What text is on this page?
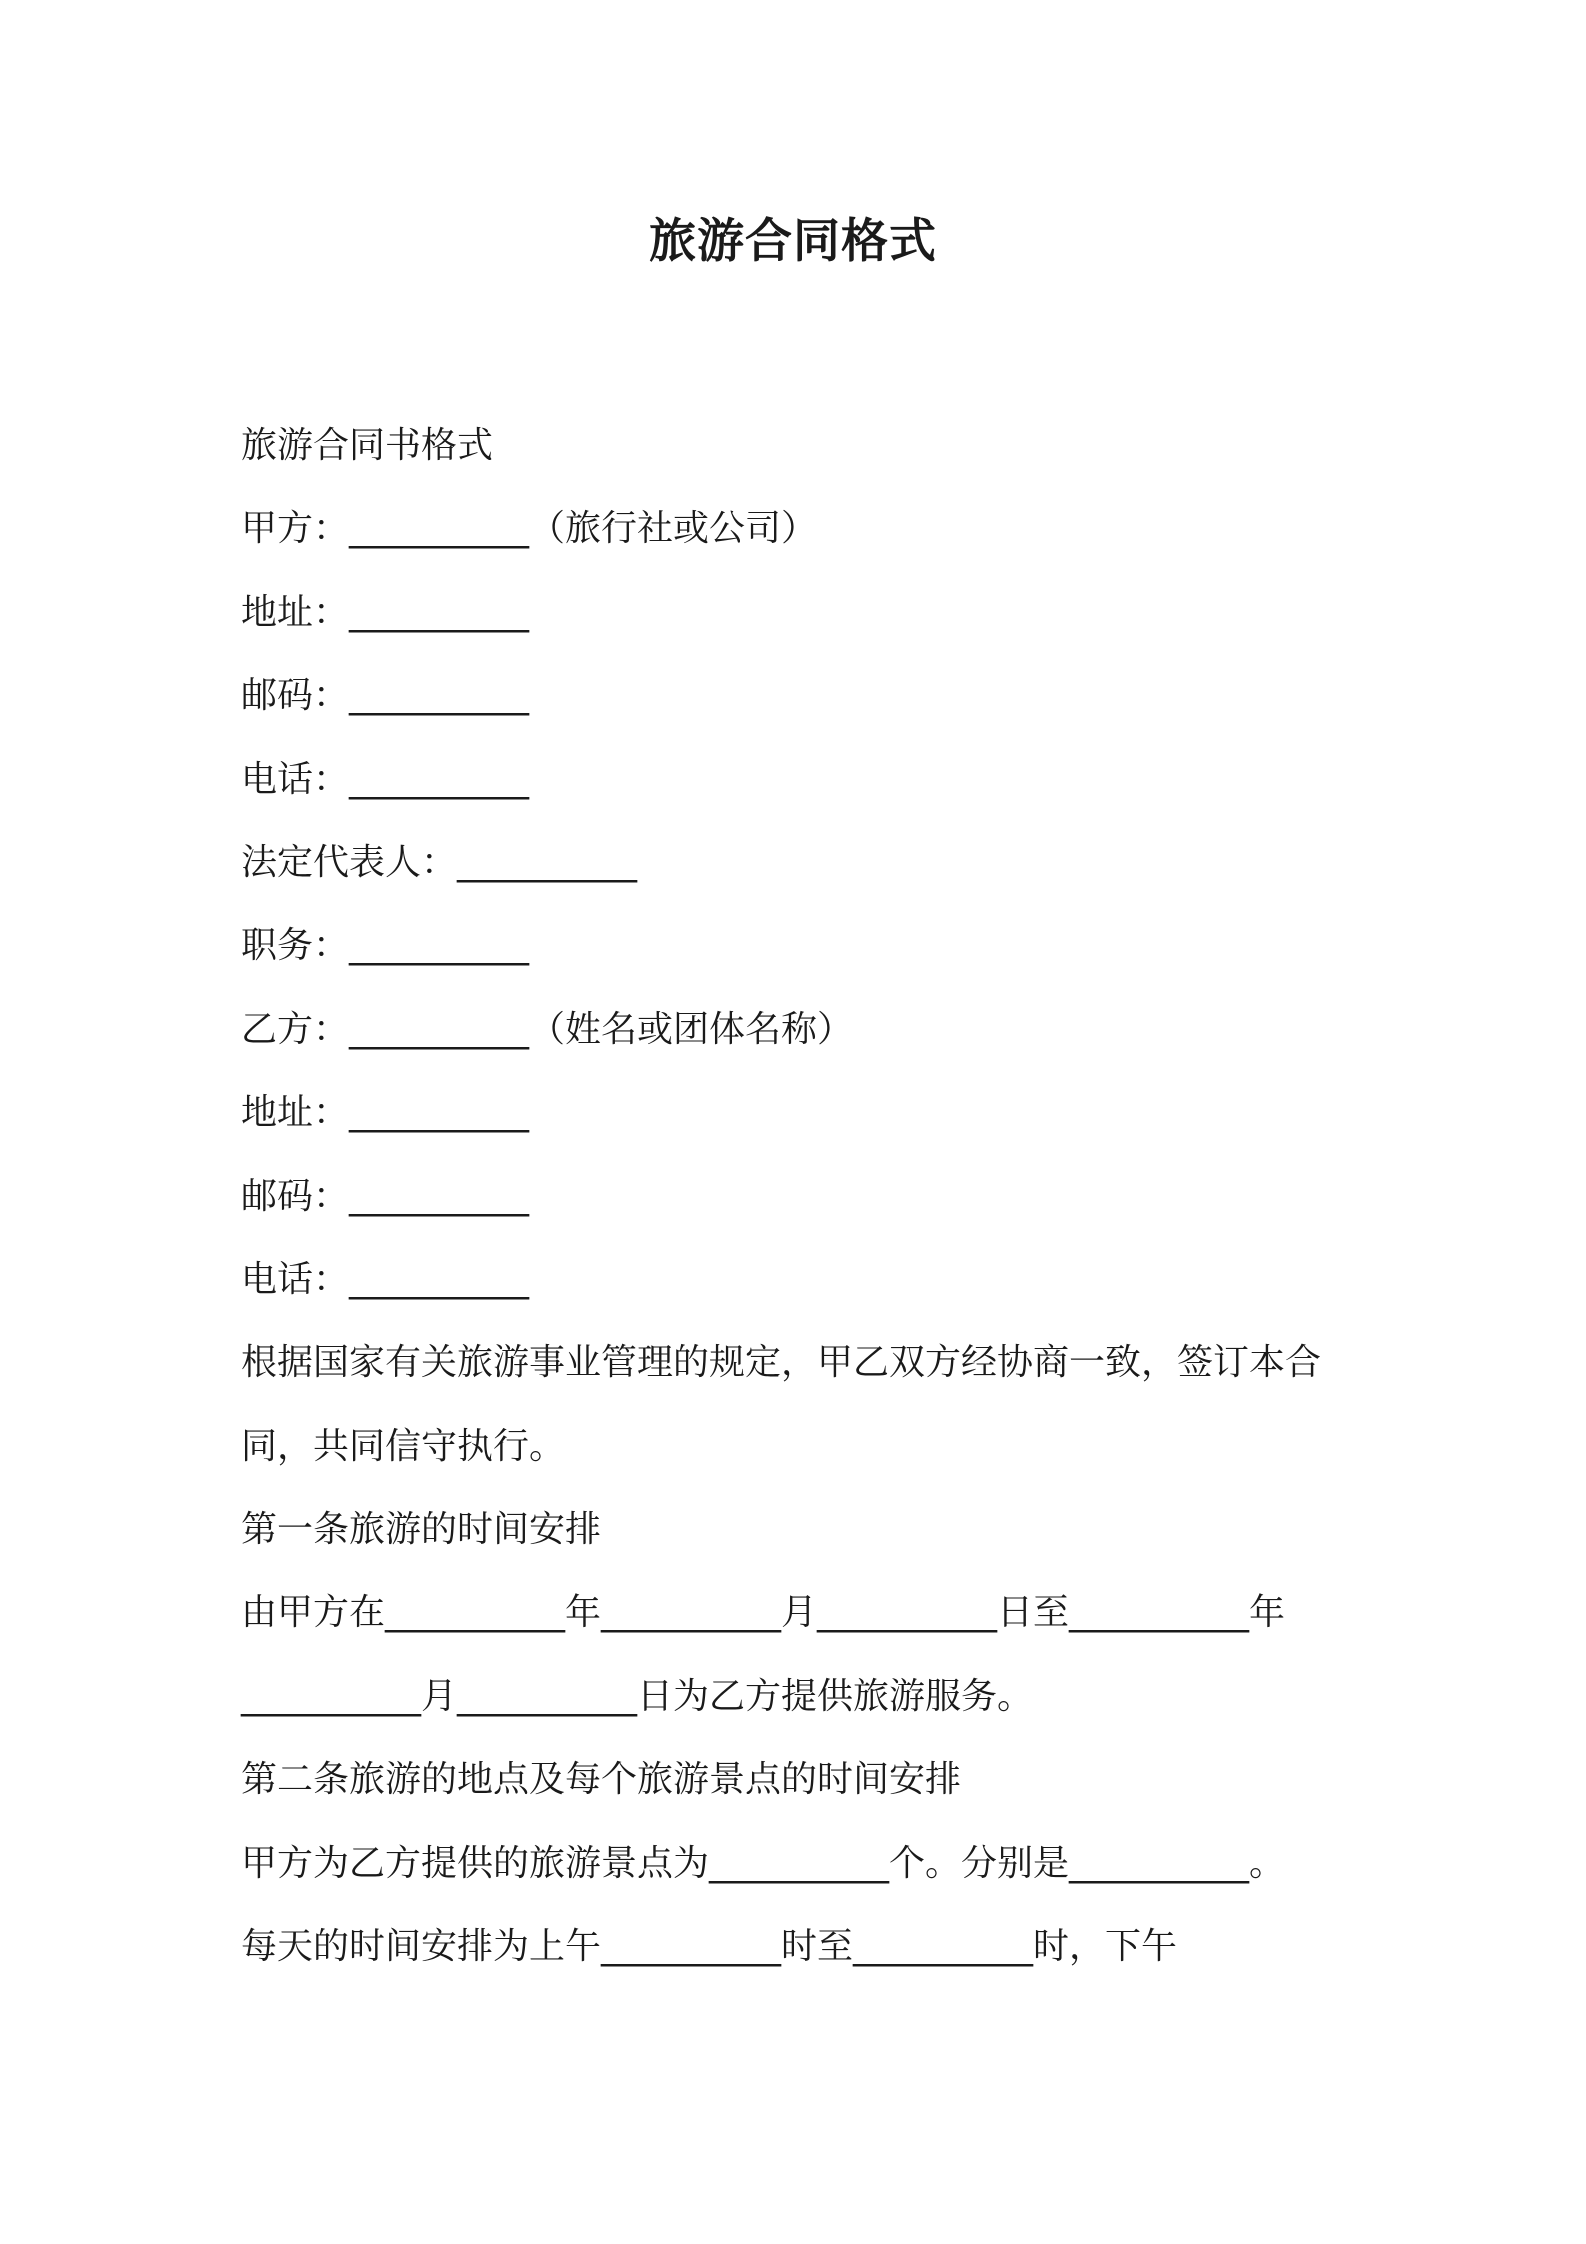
旅游合同格式
旅游合同书格式
甲方：__________（旅行社或公司）
地址：__________
邮码：__________
电话：__________
法定代表人：__________
职务：__________
乙方：__________（姓名或团体名称）
地址：__________
邮码：__________
电话：__________
根据国家有关旅游事业管理的规定，甲乙双方经协商一致，签订本合
同，共同信守执行。
第一条旅游的时间安排
由甲方在__________年__________月__________日至__________年
__________月__________日为乙方提供旅游服务。
第二条旅游的地点及每个旅游景点的时间安排
甲方为乙方提供的旅游景点为__________个。分别是__________。
每天的时间安排为上午__________时至__________时，下午
